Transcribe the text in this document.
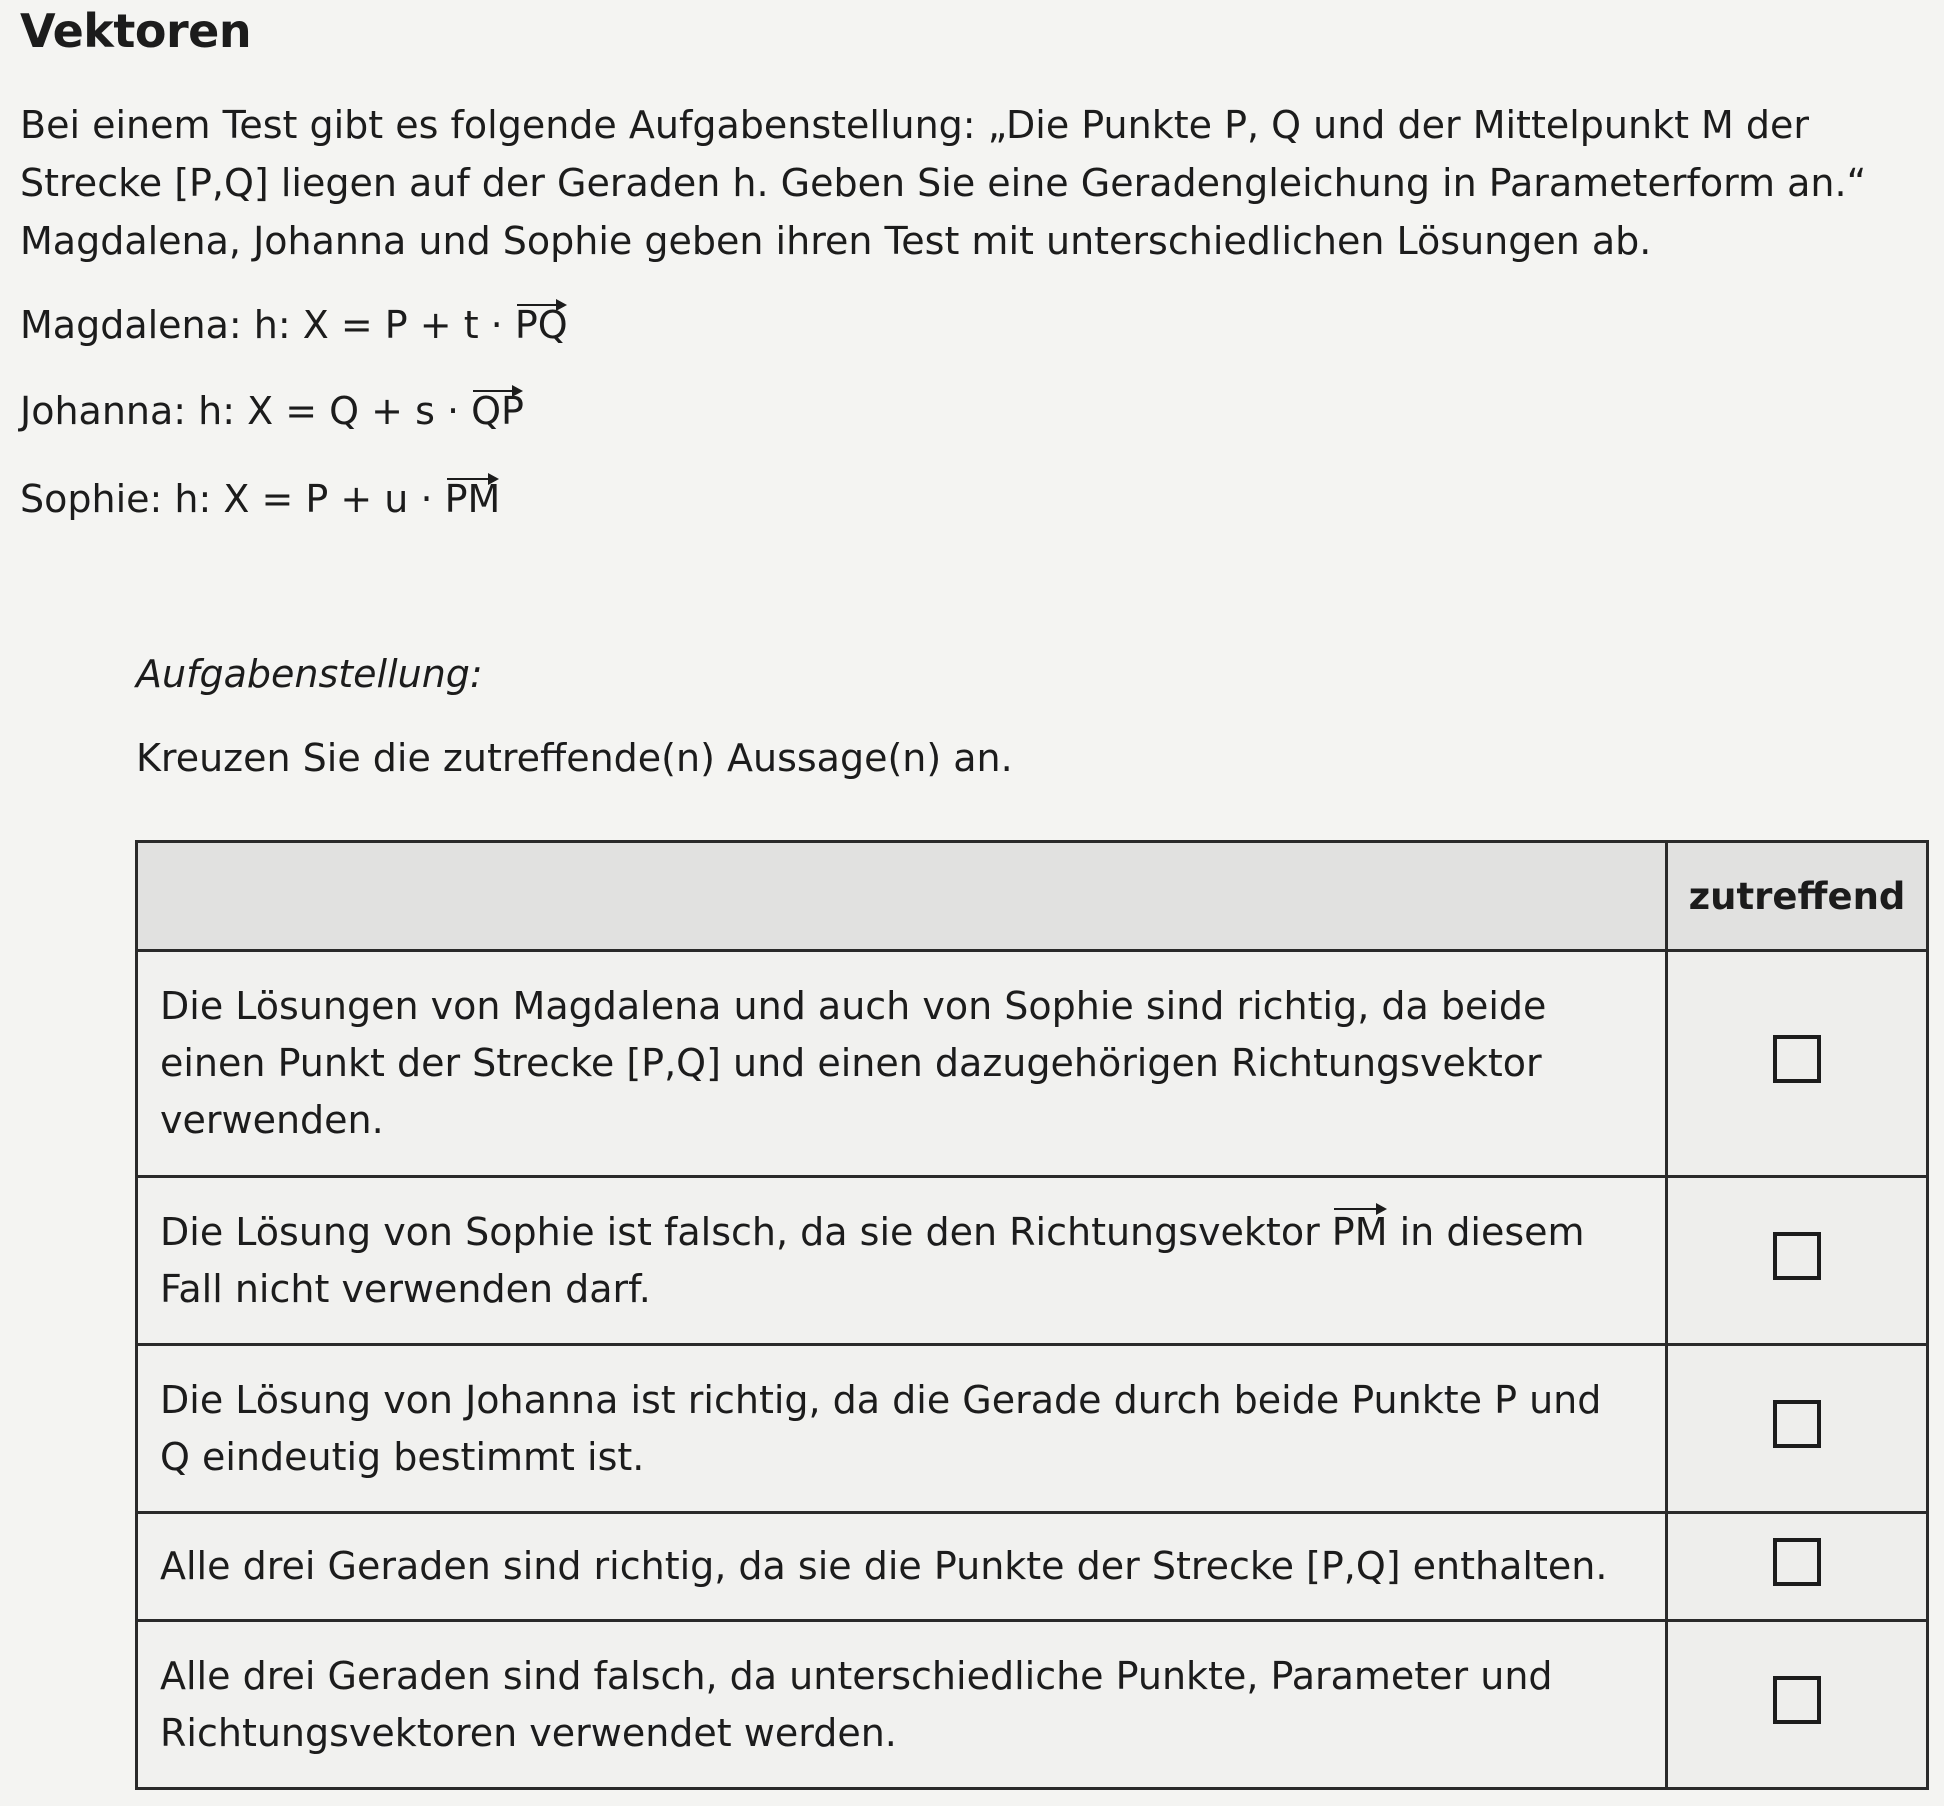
Vektoren

Bei einem Test gibt es folgende Aufgabenstellung: „Die Punkte P, Q und der Mittelpunkt M der
Strecke [P,Q] liegen auf der Geraden h. Geben Sie eine Geradengleichung in Parameterform an.“
Magdalena, Johanna und Sophie geben ihren Test mit unterschiedlichen Lösungen ab.

Magdalena: h: X = P + t · PQ
Johanna: h: X = Q + s · QP
Sophie: h: X = P + u · PM
Aufgabenstellung:
Kreuzen Sie die zutreffende(n) Aussage(n) an.
	zutreffend

Die Lösungen von Magdalena und auch von Sophie sind richtig, da beide
einen Punkt der Strecke [P,Q] und einen dazugehörigen Richtungsvektor
verwenden.	

Die Lösung von Sophie ist falsch, da sie den Richtungsvektor PM in diesem
Fall nicht verwenden darf.	

Die Lösung von Johanna ist richtig, da die Gerade durch beide Punkte P und
Q eindeutig bestimmt ist.	

Alle drei Geraden sind richtig, da sie die Punkte der Strecke [P,Q] enthalten.	

Alle drei Geraden sind falsch, da unterschiedliche Punkte, Parameter und
Richtungsvektoren verwendet werden.	
